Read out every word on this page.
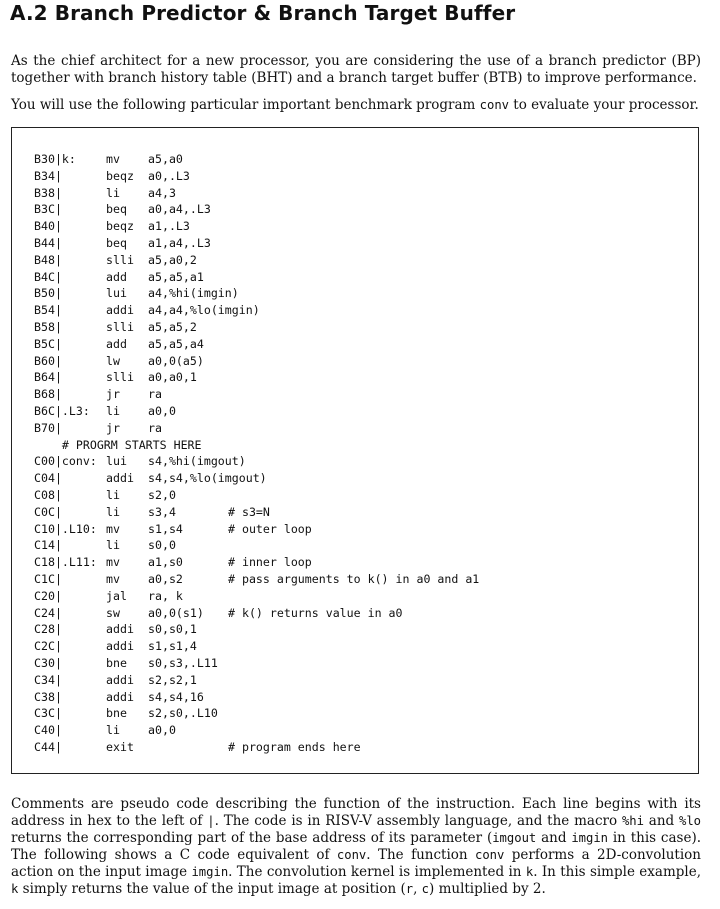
A.2 Branch Predictor & Branch Target Buffer

As the chief architect for a new processor, you are considering the use of a branch predictor (BP) together with branch history table (BHT) and a branch target buffer (BTB) to improve performance.

You will use the following particular important benchmark program conv to evaluate your processor.

B30|k:	mv a5,a0
B34|	beqz a0,.L3
B38|	li a4,3
B3C|	beq a0,a4,.L3
B40|	beqz a1,.L3
B44|	beq a1,a4,.L3
B48|	slli a5,a0,2
B4C|	add a5,a5,a1
B50|	lui a4,%hi(imgin)
B54|	addi a4,a4,%lo(imgin)
B58|	slli a5,a5,2
B5C|	add a5,a5,a4
B60|	lw a0,0(a5)
B64|	slli a0,a0,1
B68|	jr ra
B6C|.L3: li a0,0
B70|	jr ra
# PROGRM STARTS HERE
C00|conv: lui s4,%hi(imgout)
C04|	addi s4,s4,%lo(imgout)
C08|	li s2,0
C0C|	li s3,4	# s3=N
C10|.L10: mv s1,s4	# outer loop
C14|	li s0,0
C18|.L11: mv a1,s0	# inner loop
C1C|	mv a0,s2	# pass arguments to k() in a0 and a1
C20|	jal ra, k
C24|	sw a0,0(s1) # k() returns value in a0
C28|	addi s0,s0,1
C2C|	addi s1,s1,4
C30|	bne s0,s3,.L11
C34|	addi s2,s2,1
C38|	addi s4,s4,16
C3C|	bne s2,s0,.L10
C40|	li a0,0
C44|	exit	# program ends here

Comments are pseudo code describing the function of the instruction. Each line begins with its address in hex to the left of |. The code is in RISV-V assembly language, and the macro %hi and %lo returns the corresponding part of the base address of its parameter (imgout and imgin in this case). The following shows a C code equivalent of conv. The function conv performs a 2D-convolution action on the input image imgin. The convolution kernel is implemented in k. In this simple example, k simply returns the value of the input image at position (r, c) multiplied by 2.
